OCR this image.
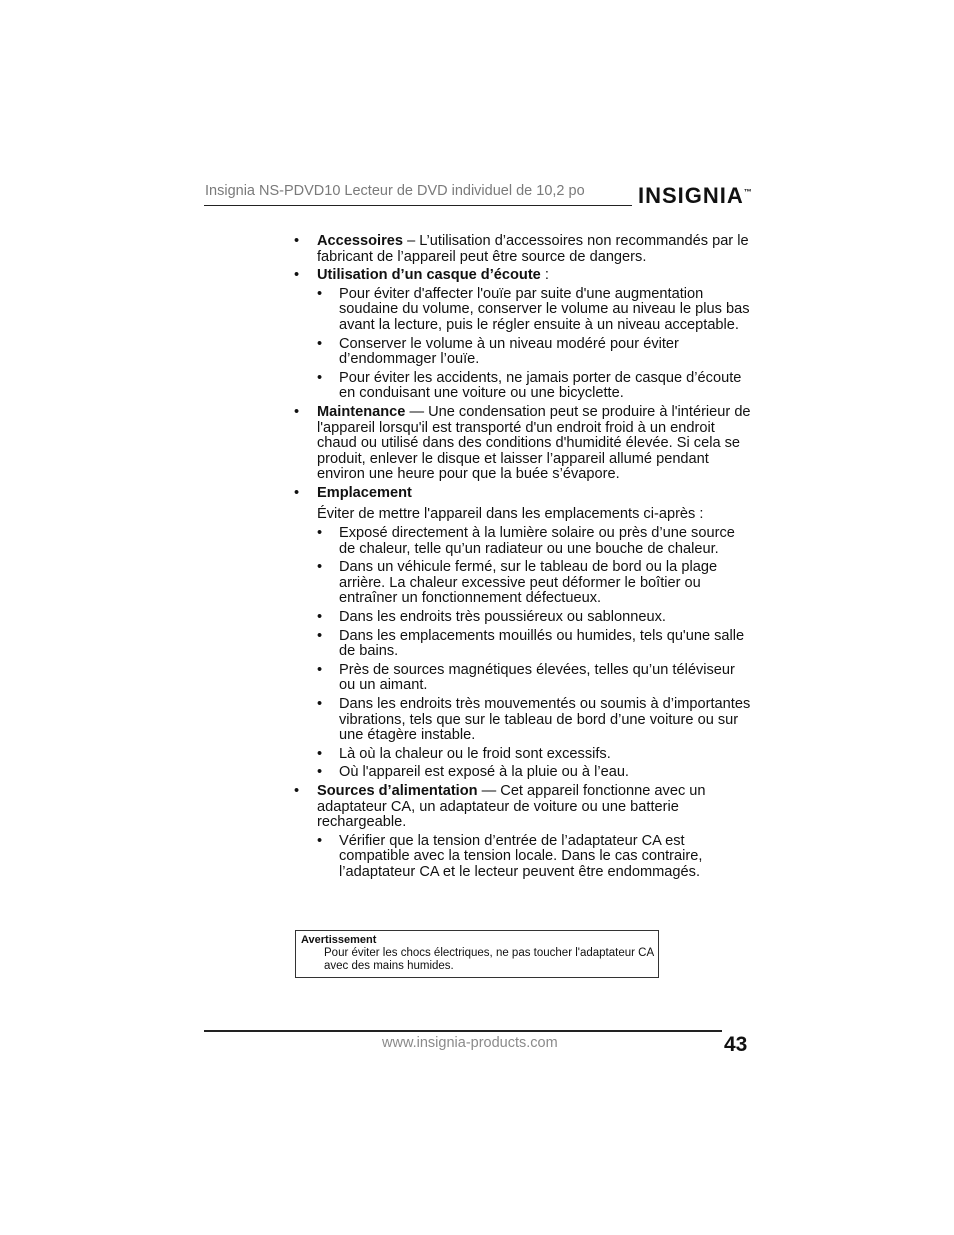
Insignia NS-PDVD10 Lecteur de DVD individuel de 10,2 po INSIGNIA™
• Accessoires – L’utilisation d’accessoires non recommandés par le fabricant de l’appareil peut être source de dangers.
• Utilisation d’un casque d’écoute :
• Pour éviter d'affecter l'ouïe par suite d'une augmentation soudaine du volume, conserver le volume au niveau le plus bas avant la lecture, puis le régler ensuite à un niveau acceptable.
• Conserver le volume à un niveau modéré pour éviter d’endommager l’ouïe.
• Pour éviter les accidents, ne jamais porter de casque d’écoute en conduisant une voiture ou une bicyclette.
• Maintenance — Une condensation peut se produire à l'intérieur de l'appareil lorsqu'il est transporté d'un endroit froid à un endroit chaud ou utilisé dans des conditions d'humidité élevée. Si cela se produit, enlever le disque et laisser l’appareil allumé pendant environ une heure pour que la buée s’évapore.
• Emplacement
Éviter de mettre l'appareil dans les emplacements ci-après :
• Exposé directement à la lumière solaire ou près d’une source de chaleur, telle qu’un radiateur ou une bouche de chaleur.
• Dans un véhicule fermé, sur le tableau de bord ou la plage arrière. La chaleur excessive peut déformer le boîtier ou entraîner un fonctionnement défectueux.
• Dans les endroits très poussiéreux ou sablonneux.
• Dans les emplacements mouillés ou humides, tels qu'une salle de bains.
• Près de sources magnétiques élevées, telles qu’un téléviseur ou un aimant.
• Dans les endroits très mouvementés ou soumis à d’importantes vibrations, tels que sur le tableau de bord d’une voiture ou sur une étagère instable.
• Là où la chaleur ou le froid sont excessifs.
• Où l'appareil est exposé à la pluie ou à l’eau.
• Sources d’alimentation — Cet appareil fonctionne avec un adaptateur CA, un adaptateur de voiture ou une batterie rechargeable.
• Vérifier que la tension d’entrée de l’adaptateur CA est compatible avec la tension locale. Dans le cas contraire, l’adaptateur CA et le lecteur peuvent être endommagés.
Avertissement
Pour éviter les chocs électriques, ne pas toucher l'adaptateur CA avec des mains humides.
www.insignia-products.com	43
